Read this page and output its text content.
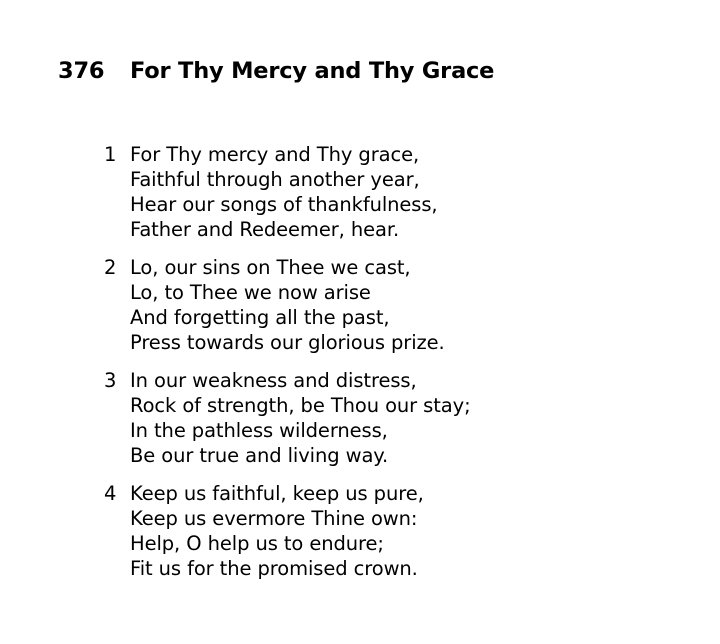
376	For Thy Mercy and Thy Grace
1 For Thy mercy and Thy grace,
Faithful through another year,
Hear our songs of thankfulness,
Father and Redeemer, hear.
2 Lo, our sins on Thee we cast,
Lo, to Thee we now arise
And forgetting all the past,
Press towards our glorious prize.
3 In our weakness and distress,
Rock of strength, be Thou our stay;
In the pathless wilderness,
Be our true and living way.
4 Keep us faithful, keep us pure,
Keep us evermore Thine own:
Help, O help us to endure;
Fit us for the promised crown.
